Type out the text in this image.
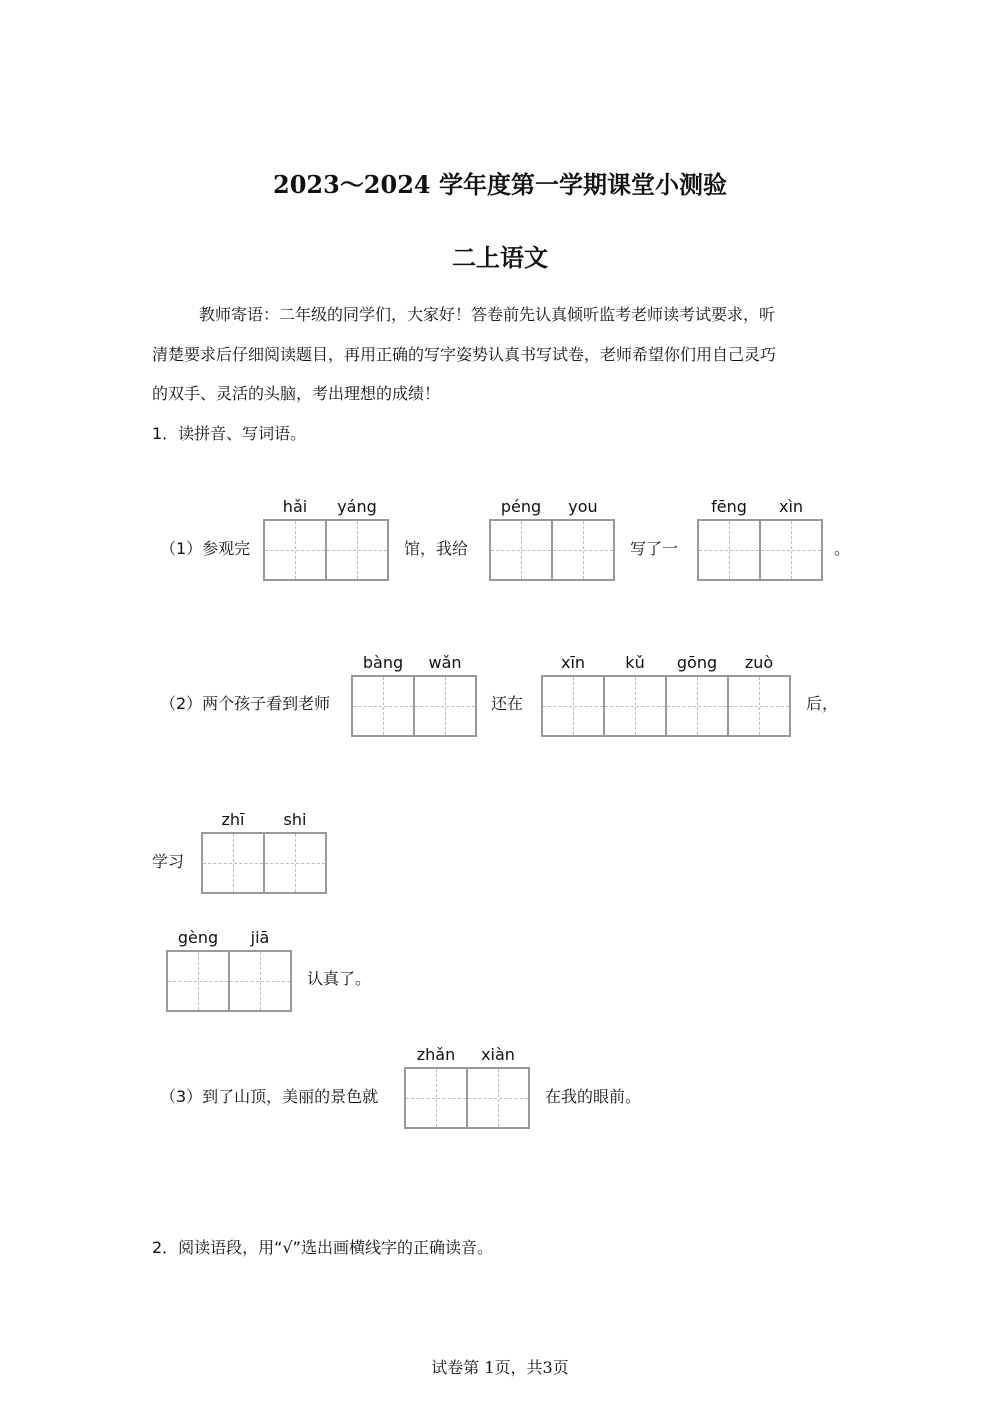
2023～2024 学年度第一学期课堂小测验
二上语文
教师寄语：二年级的同学们，大家好！答卷前先认真倾听监考老师读考试要求，听
清楚要求后仔细阅读题目，再用正确的写字姿势认真书写试卷，老师希望你们用自己灵巧
的双手、灵活的头脑，考出理想的成绩！
1．读拼音、写词语。
（1）参观完
hǎi	yáng
馆，我给
péng	you
写了一
fēng	xìn
。
（2）两个孩子看到老师
bàng	wǎn
还在
xīn	kǔ	gōng	zuò
后，
学习
zhī	shi
gèng	jiā
认真了。
（3）到了山顶，美丽的景色就
zhǎn	xiàn
在我的眼前。
2．阅读语段，用“√”选出画横线字的正确读音。
试卷第 1页，共3页
